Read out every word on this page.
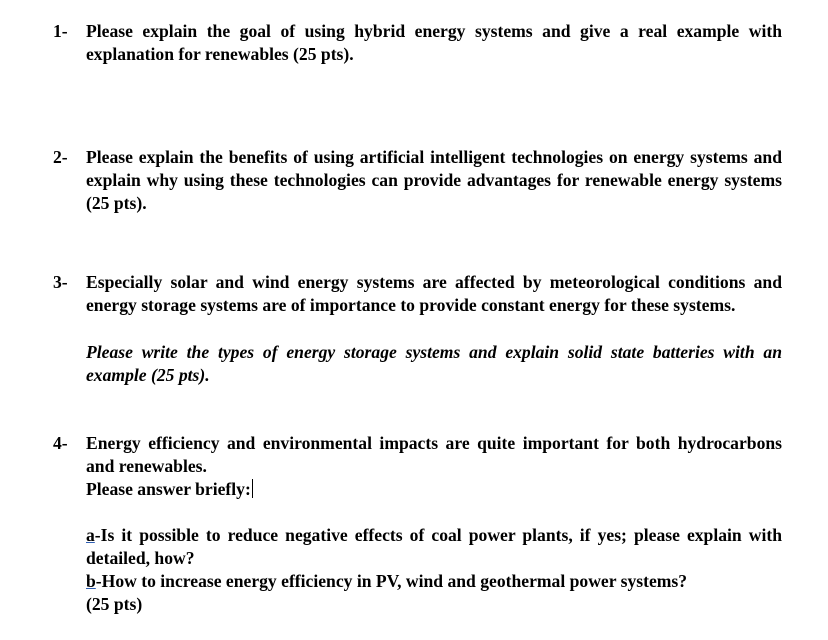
1-	Please explain the goal of using hybrid energy systems and give a real example with explanation for renewables (25 pts).

2-	Please explain the benefits of using artificial intelligent technologies on energy systems and explain why using these technologies can provide advantages for renewable energy systems (25 pts).

3-	Especially solar and wind energy systems are affected by meteorological conditions and energy storage systems are of importance to provide constant energy for these systems.

Please write the types of energy storage systems and explain solid state batteries with an example (25 pts).

4-	Energy efficiency and environmental impacts are quite important for both hydrocarbons and renewables.

Please answer briefly:

a-Is it possible to reduce negative effects of coal power plants, if yes; please explain with detailed, how?

b-How to increase energy efficiency in PV, wind and geothermal power systems?

(25 pts)
